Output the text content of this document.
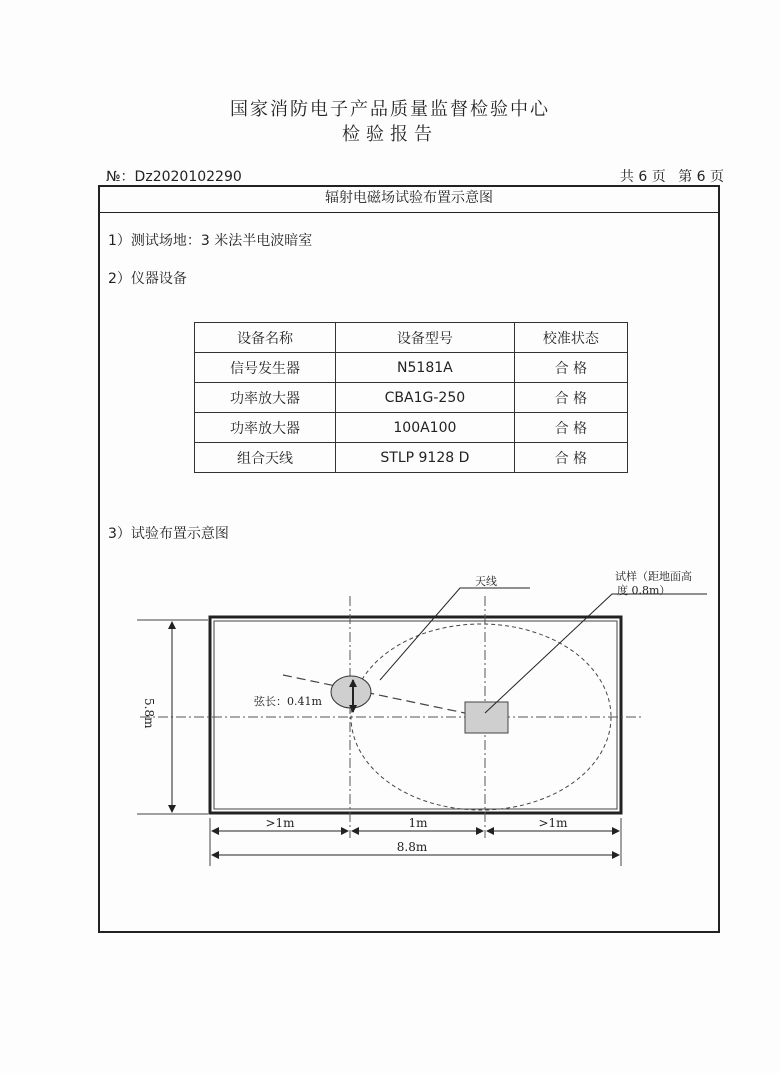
国家消防电子产品质量监督检验中心
检验报告
№：Dz2020102290	共 6 页 第 6 页
辐射电磁场试验布置示意图
1）测试场地：3 米法半电波暗室
2）仪器设备
设备名称	设备型号	校准状态
信号发生器	N5181A	合 格
功率放大器	CBA1G-250	合 格
功率放大器	100A100	合 格
组合天线	STLP 9128 D	合 格
3）试验布置示意图
天线	试样（距地面高
度 0.8m）
弦长：0.41m
5.8m
>1m	1m	>1m
8.8m
